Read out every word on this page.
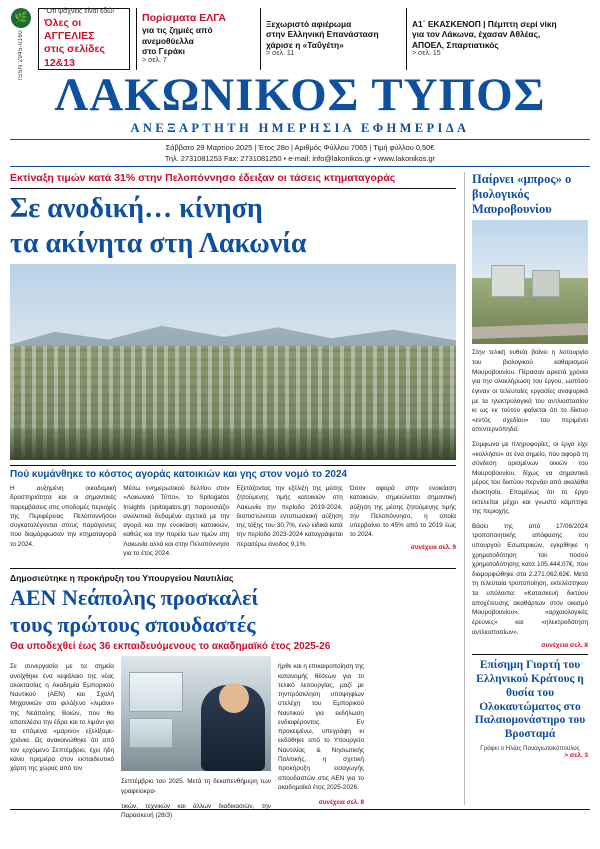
🌿
ISSN 2945-0160
"Ότι ψάχνεις είναι εδώ!
Όλες οι ΑΓΓΕΛΙΕΣ
στις σελίδες 12&13
Πορίσματα ΕΛΓΑ
για τις ζημιές από ανεμοθύελλα
στο Γεράκι
> σελ. 7
Ξεχωριστό αφιέρωμα
στην Ελληνική Επανάσταση
χάρισε η «Ταΰγέτη»
> σελ. 11
Α1΄ ΕΚΑΣΚΕΝΟΠ | Πέμπτη σερί νίκη
για τον Λάκωνα, έχασαν Αθλέας,
ΑΠΟΕΛ, Σπαρτιατικός
> σελ. 15
ΛΑΚΩΝΙΚΟΣ ΤΥΠΟΣ
ΑΝΕΞΑΡΤΗΤΗ ΗΜΕΡΗΣΙΑ ΕΦΗΜΕΡΙΔΑ
Σάββατο 29 Μαρτίου 2025 | Έτος 28ο | Αριθμός Φύλλου 7065 | Τιμή φύλλου 0,50€
Τηλ. 2731081253 Fax: 2731081250 • e-mail: info@lakonikos.gr • www.lakonikos.gr
Εκτίναξη τιμών κατά 31% στην Πελοπόννησο έδειξαν οι τάσεις κτηματαγοράς
Σε ανοδική… κίνηση
τα ακίνητα στη Λακωνία
Πού κυμάνθηκε το κόστος αγοράς κατοικιών και γης στον νομό το 2024

Η αυξημένη οικοδομική δραστηριότητα και οι σημαντικές παρεμβάσεις στις υποδομές περιοχές της Περιφέρειας Πελοποννήσου συγκαταλέγονται στους παράγοντες που διαμόρφωσαν την κτηματαγορά το 2024.

Μέσω ενημερωτικού δελτίου στον «Λακωνικό Τύπο», το Spitogatos Insights (spitogatos.gr) παρουσιάζει αναλυτικά δεδομένα σχετικά με την αγορά και την ενοικίαση κατοικιών, καθώς και την πορεία των τιμών στη Λακωνία αλλά και στην Πελοπόννησο για το έτος 2024.

Εξετάζοντας την εξέλιξη της μέσης ζητούμενης τιμής κατοικιών στη Λακωνία την περίοδο 2019-2024, διαπιστώνεται εντυπωσιακή αύξηση της τάξης του 30,7%, ενώ ειδικά κατά την περίοδο 2023-2024 καταγράφεται περαιτέρω άνοδος 9,1%.

Όσον αφορά στην ενοικίαση κατοικιών, σημειώνεται σημαντική αύξηση της μέσης ζητούμενης τιμής την Πελοπόννησο, η οποία υπερβαίνει το 45% από το 2019 έως το 2024.

συνέχεια σελ. 9
Δημοσιεύτηκε η προκήρυξη του Υπουργείου Ναυτιλίας
ΑΕΝ Νεάπολης προσκαλεί
τους πρώτους σπουδαστές
Θα υποδεχθεί έως 36 εκπαιδευόμενους το ακαδημαϊκό έτος 2025-26

Σε συνεργασία με τα σημεία ανοίχθηκε ένα κεφάλαιο της νέας ολοκτασίας η Ακαδημία Εμπορικού Ναυτικού (ΑΕΝ) και Σχολή Μηχανικών στο φιλόξενο «λιμάνι» της Νεάπολης Βοιών, που θα αποτελέσει την έδρα και το λιμάνι για τα επόμενα «μαρινο» εξελίξομε- χρόνια. Ως ανακοινώθηκε ότι από τον ερχόμενο Σεπτέμβριο, έχει ήδη κάνει πρεμιέρα στον εκπαιδευτικό χάρτη της χώρας από τον

Σεπτέμβριο του 2025. Μετά τη δεκαπενθήμερη των γραφειοκρα-

τικών, τεχνικών και άλλων διαδικασιών, την Παρασκευή (28/3)

ήρθε και η επικαιροποίηση της κατανομής θέσεων για το τελικό λειτουργίας, μαζί με τηνπρόσκληση υποψηφίων στελέχη του Εμπορικού Ναυτικού για εκδήλωση ενδιαφέροντος. Εν προκειμένω, υπεγράφη κι εκδόθηκε από το Υπουργείο Ναυτιλίας & Νησιωτικής Πολιτικής, η σχετική προκήρυξη εισαγωγής σπουδαστών στις ΑΕΝ για το ακαδημαϊκό έτος 2025-2026.

συνέχεια σελ. 8
Παίρνει «μπρος» ο βιολογικός Μαυροβουνίου

Στην τελική ευθεία βαίνει η λειτουργία του βιολογικού καθαρισμού Μαυροβουνίου. Πέρασαν αρκετά χρόνια για την ολοκλήρωση του έργου, ωστόσο έγιναν οι τελευταίες εργασίες αναφορικά με τα ηλεκτρολογικά του αντλιοστασίου κι ως εκ τούτου φαίνεται ότι το δίκτυο «εντός σχεδίου» του περιμένει απεντερνόπηδεί.

Σύμφωνα με πληροφορίες, οι έργα είχε «κολλήσει» σε ένα σημείο, που αφορά τη σύνδεση ορισμένων οικιών του Μαυροβουνίου, δίχως να σημαντικά μέρος του δικτύου περνάει από ακαλάθα ιδιοκτησία. Επομένως ότι το έργο εκτελείται μέχρι και γνωστό κάμπτηκε της περιοχής.

Βάσει της από 17/06/2024 τροποποιητικής απόφασης του υπουργού Εσωτερικών, εγκρίθηκε η χρηματοδότηση του ποσού χρηματοδότησης κατά 105.444,07€, που διαμορφώθηκε στα 2.271.062,62€. Μετά τη τελευταία τροποποίηση, εκτελέστηκαν τα υπόλοιπα: «Κατασκευή δικτύου αποχέτευσης ακαθάρτων στον οικισμό Μαυροβουνίου», «αρχαιολογικές έρευνες» και «ηλεκτροδότηση αντλιοστασίων».

συνέχεια σελ. 8
Επίσημη Γιορτή του Ελληνικού Κράτους η θυσία του Ολοκαυτώματος στο Παλαιομονάστηρο του Βροσταμά
Γράφει ο Ηλίας Παναγιωτακόπουλος
> σελ. 3
